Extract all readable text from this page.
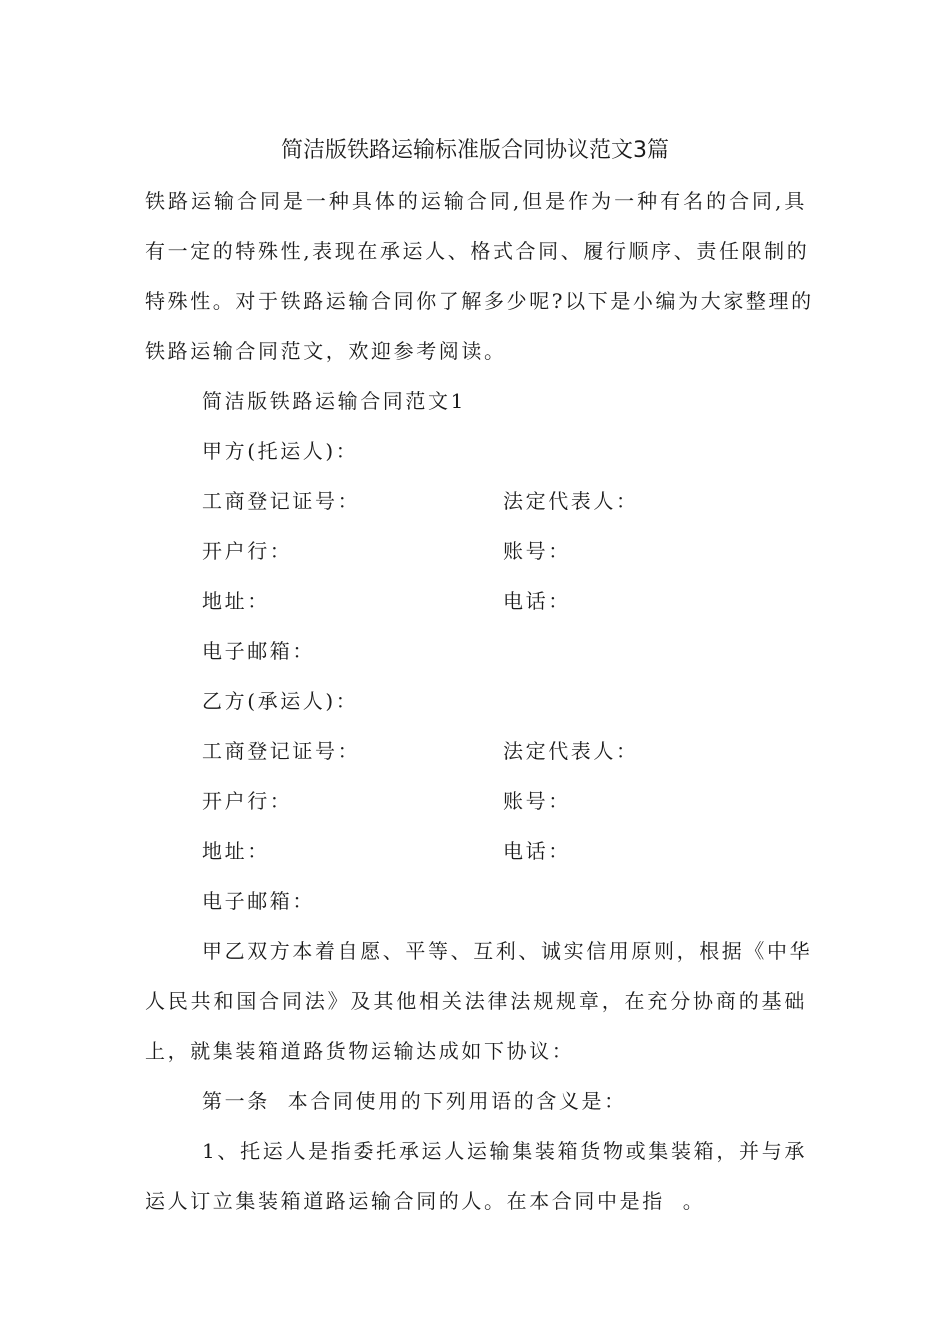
简洁版铁路运输标准版合同协议范文3篇
铁路运输合同是一种具体的运输合同,但是作为一种有名的合同,具
有一定的特殊性,表现在承运人、格式合同、履行顺序、责任限制的
特殊性。对于铁路运输合同你了解多少呢?以下是小编为大家整理的
铁路运输合同范文，欢迎参考阅读。
简洁版铁路运输合同范文1
甲方(托运人)：
工商登记证号：	法定代表人：
开户行：	账号：
地址：	电话：
电子邮箱：
乙方(承运人)：
工商登记证号：	法定代表人：
开户行：	账号：
地址：	电话：
电子邮箱：
甲乙双方本着自愿、平等、互利、诚实信用原则，根据《中华
人民共和国合同法》及其他相关法律法规规章，在充分协商的基础
上，就集装箱道路货物运输达成如下协议：
第一条  本合同使用的下列用语的含义是：
1、托运人是指委托承运人运输集装箱货物或集装箱，并与承
运人订立集装箱道路运输合同的人。在本合同中是指  。
